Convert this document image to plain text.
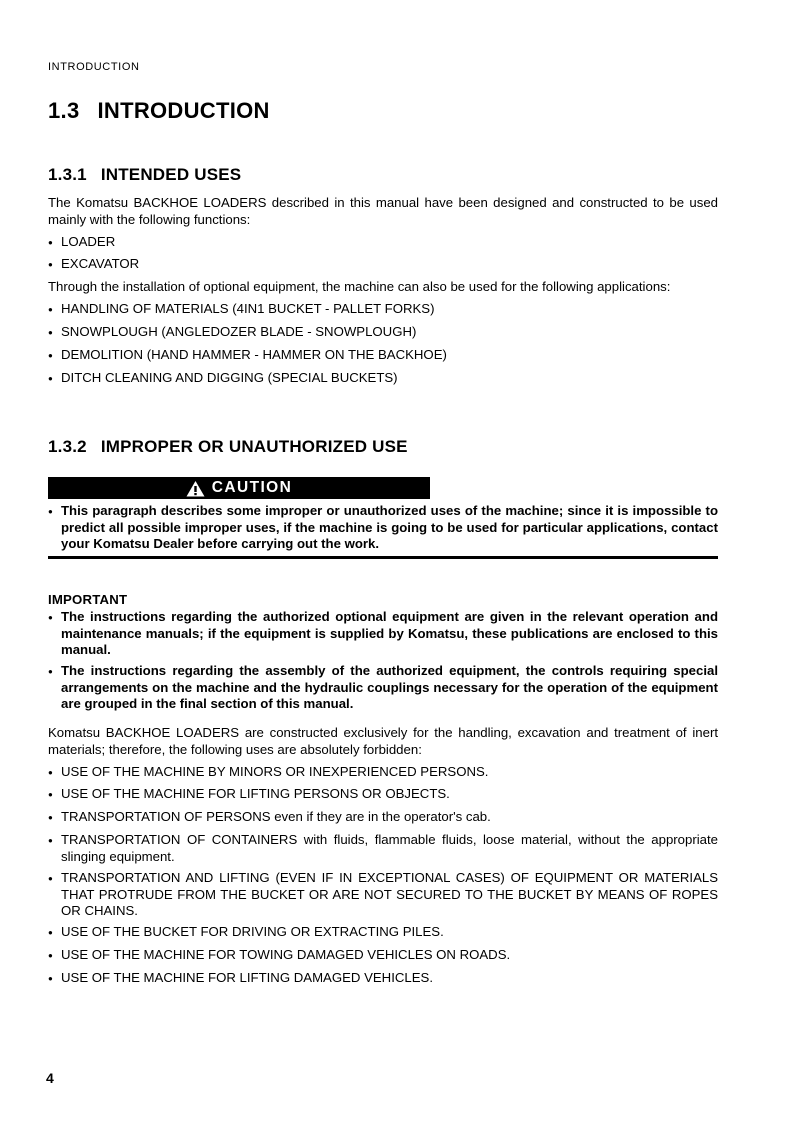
INTRODUCTION
1.3 INTRODUCTION
1.3.1 INTENDED USES
The Komatsu BACKHOE LOADERS described in this manual have been designed and constructed to be used mainly with the following functions:
● LOADER
● EXCAVATOR
Through the installation of optional equipment, the machine can also be used for the following applications:
● HANDLING OF MATERIALS (4IN1 BUCKET - PALLET FORKS)
● SNOWPLOUGH (ANGLEDOZER BLADE - SNOWPLOUGH)
● DEMOLITION (HAND HAMMER - HAMMER ON THE BACKHOE)
● DITCH CLEANING AND DIGGING (SPECIAL BUCKETS)
1.3.2 IMPROPER OR UNAUTHORIZED USE
CAUTION
● This paragraph describes some improper or unauthorized uses of the machine; since it is impossible to predict all possible improper uses, if the machine is going to be used for particular applications, contact your Komatsu Dealer before carrying out the work.
IMPORTANT
● The instructions regarding the authorized optional equipment are given in the relevant operation and maintenance manuals; if the equipment is supplied by Komatsu, these publications are enclosed to this manual.
● The instructions regarding the assembly of the authorized equipment, the controls requiring special arrangements on the machine and the hydraulic couplings necessary for the operation of the equipment are grouped in the final section of this manual.
Komatsu BACKHOE LOADERS are constructed exclusively for the handling, excavation and treatment of inert materials; therefore, the following uses are absolutely forbidden:
● USE OF THE MACHINE BY MINORS OR INEXPERIENCED PERSONS.
● USE OF THE MACHINE FOR LIFTING PERSONS OR OBJECTS.
● TRANSPORTATION OF PERSONS even if they are in the operator's cab.
● TRANSPORTATION OF CONTAINERS with fluids, flammable fluids, loose material, without the appropriate slinging equipment.
● TRANSPORTATION AND LIFTING (EVEN IF IN EXCEPTIONAL CASES) OF EQUIPMENT OR MATERIALS THAT PROTRUDE FROM THE BUCKET OR ARE NOT SECURED TO THE BUCKET BY MEANS OF ROPES OR CHAINS.
● USE OF THE BUCKET FOR DRIVING OR EXTRACTING PILES.
● USE OF THE MACHINE FOR TOWING DAMAGED VEHICLES ON ROADS.
● USE OF THE MACHINE FOR LIFTING DAMAGED VEHICLES.
4
